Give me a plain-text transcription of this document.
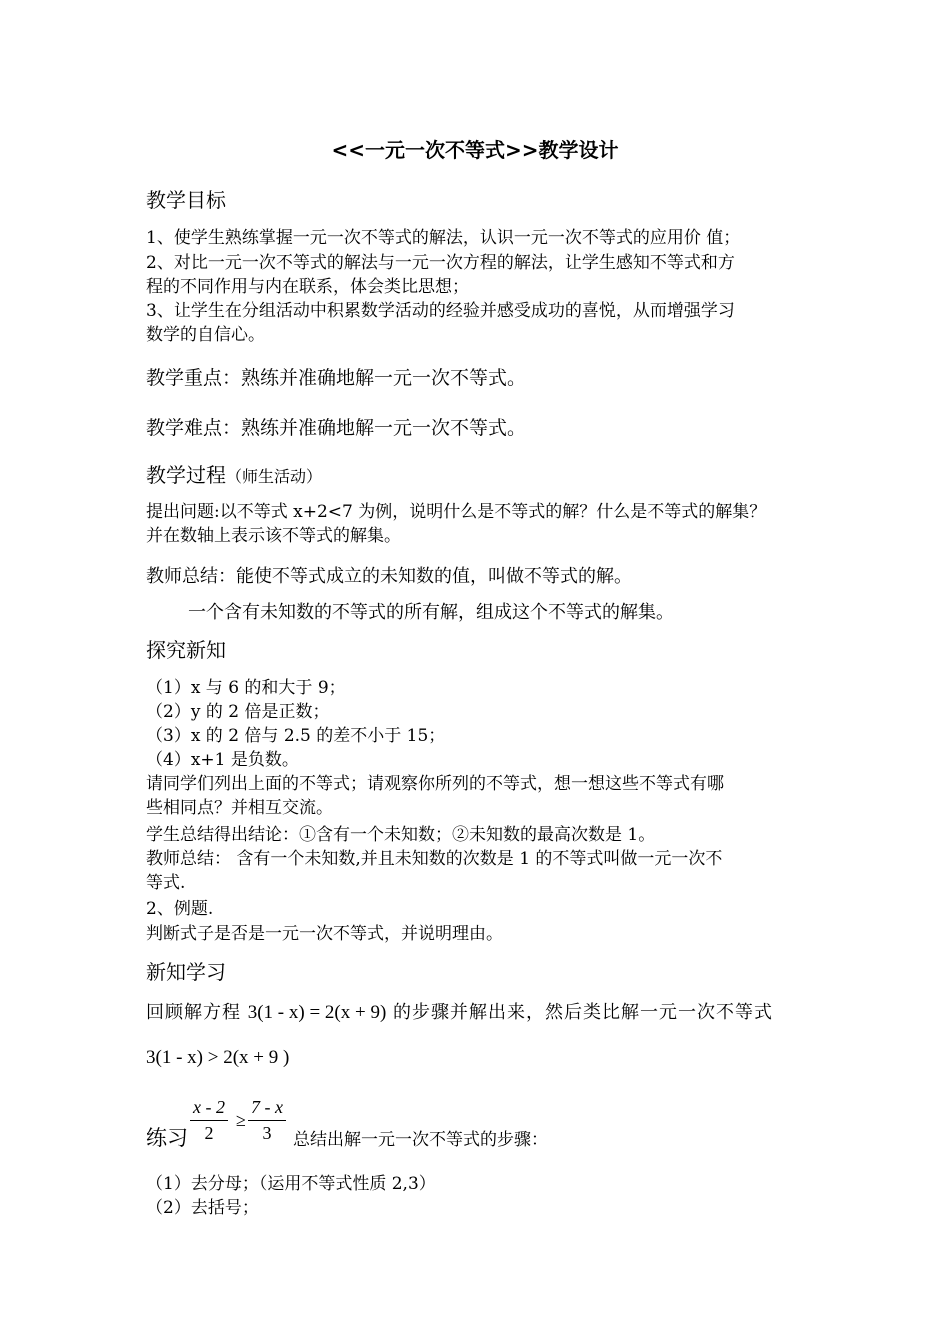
<<一元一次不等式>>教学设计
教学目标
1、使学生熟练掌握一元一次不等式的解法，认识一元一次不等式的应用价 值；
2、对比一元一次不等式的解法与一元一次方程的解法，让学生感知不等式和方
程的不同作用与内在联系，体会类比思想；
3、让学生在分组活动中积累数学活动的经验并感受成功的喜悦，从而增强学习
数学的自信心。
教学重点：熟练并准确地解一元一次不等式。
教学难点：熟练并准确地解一元一次不等式。
教学过程（师生活动）
提出问题:以不等式 x+2<7 为例，说明什么是不等式的解？什么是不等式的解集？
并在数轴上表示该不等式的解集。
教师总结：能使不等式成立的未知数的值，叫做不等式的解。
一个含有未知数的不等式的所有解，组成这个不等式的解集。
探究新知
（1）x 与 6 的和大于 9；
（2）y 的 2 倍是正数；
（3）x 的 2 倍与 2.5 的差不小于 15；
（4）x+1 是负数。
请同学们列出上面的不等式；请观察你所列的不等式，想一想这些不等式有哪
些相同点？并相互交流。
学生总结得出结论：①含有一个未知数；②未知数的最高次数是 1。
教师总结： 含有一个未知数,并且未知数的次数是 1 的不等式叫做一元一次不
等式.
2、例题.
判断式子是否是一元一次不等式，并说明理由。
新知学习
回顾解方程 3(1 - x) = 2(x + 9) 的步骤并解出来，然后类比解一元一次不等式
3(1 - x) > 2(x + 9 )
练习
x - 2
2
≥
7 - x
3	总结出解一元一次不等式的步骤：
（1）去分母；（运用不等式性质 2,3）
（2）去括号；
